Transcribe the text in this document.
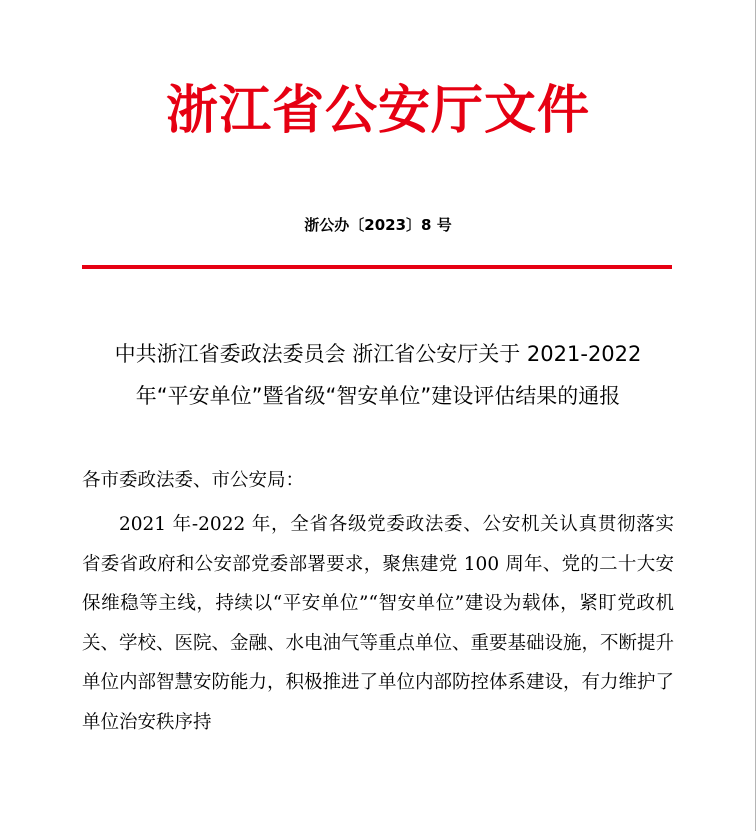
浙江省公安厅文件
浙公办〔2023〕8 号
中共浙江省委政法委员会 浙江省公安厅关于 2021-2022
年“平安单位”暨省级“智安单位”建设评估结果的通报
各市委政法委、市公安局：

2021 年-2022 年，全省各级党委政法委、公安机关认真贯彻落实省委省政府和公安部党委部署要求，聚焦建党 100 周年、党的二十大安保维稳等主线，持续以“平安单位”“智安单位”建设为载体，紧盯党政机关、学校、医院、金融、水电油气等重点单位、重要基础设施，不断提升单位内部智慧安防能力，积极推进了单位内部防控体系建设，有力维护了单位治安秩序持
